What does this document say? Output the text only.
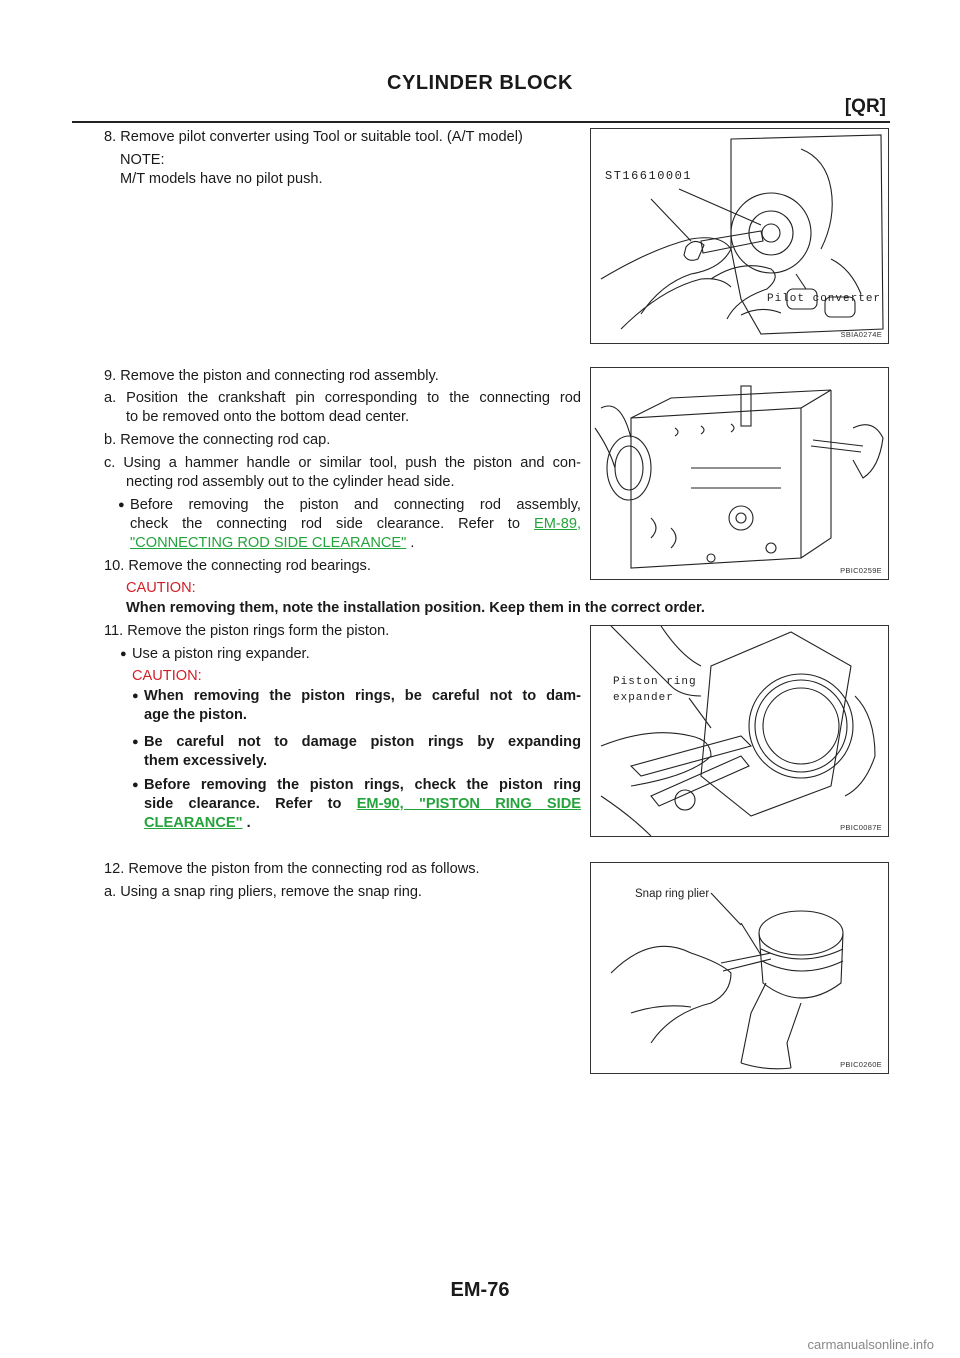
CYLINDER BLOCK
[QR]
8. Remove pilot converter using Tool or suitable tool. (A/T model)
NOTE:
M/T models have no pilot push.	ST16610001
Pilot converter
SBIA0274E
9. Remove the piston and connecting rod assembly.
a. Position the crankshaft pin corresponding to the connecting rod
to be removed onto the bottom dead center.
b. Remove the connecting rod cap.
c. Using a hammer handle or similar tool, push the piston and con-
necting rod assembly out to the cylinder head side.
● Before removing the piston and connecting rod assembly,
check the connecting rod side clearance. Refer to EM-89,
"CONNECTING ROD SIDE CLEARANCE" .
PBIC0259E
10. Remove the connecting rod bearings.
CAUTION:
When removing them, note the installation position. Keep them in the correct order.
11. Remove the piston rings form the piston.
● Use a piston ring expander.
CAUTION:
● When removing the piston rings, be careful not to dam-
age the piston.
● Be careful not to damage piston rings by expanding
them excessively.
● Before removing the piston rings, check the piston ring
side clearance. Refer to EM-90, "PISTON RING SIDE
CLEARANCE" .
Piston ring
expander
PBIC0087E
12. Remove the piston from the connecting rod as follows.
a. Using a snap ring pliers, remove the snap ring.	Snap ring plier
PBIC0260E
EM-76
carmanualsonline.info
